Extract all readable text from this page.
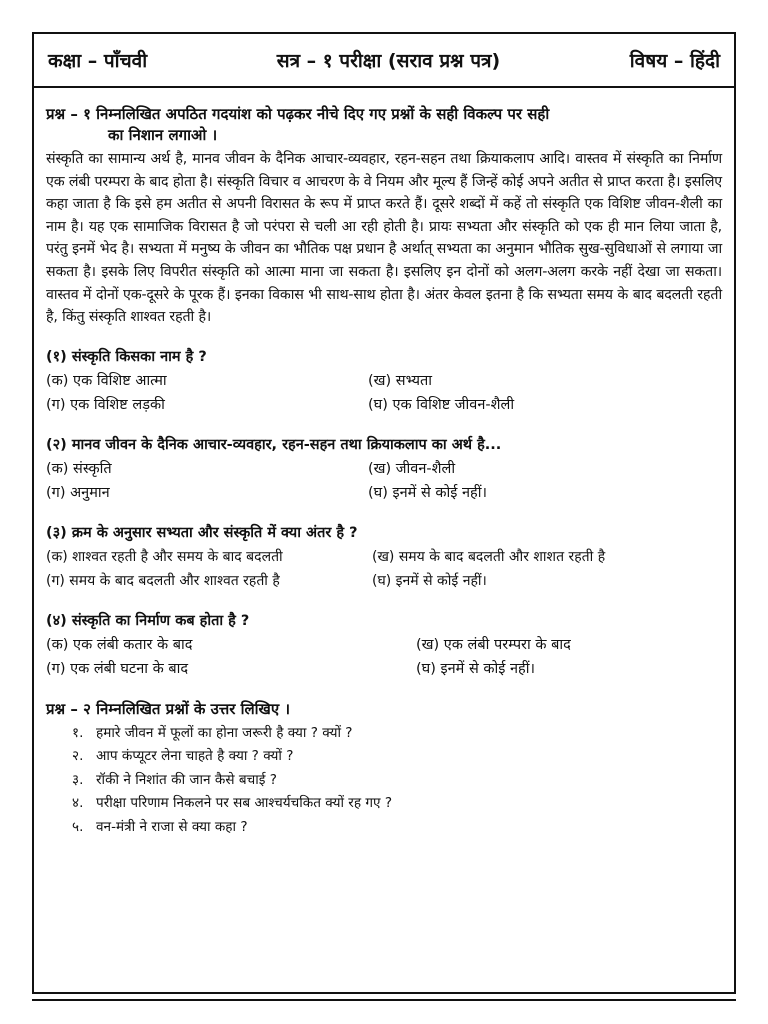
कक्षा – पाँचवी	सत्र – १ परीक्षा (सराव प्रश्न पत्र)	विषय – हिंदी
प्रश्न – १ निम्नलिखित अपठित गदयांश को पढ़कर नीचे दिए गए प्रश्नों के सही विकल्प पर सही
का निशान लगाओ ।
संस्कृति का सामान्य अर्थ है, मानव जीवन के दैनिक आचार-व्यवहार, रहन-सहन तथा क्रियाकलाप आदि। वास्तव में संस्कृति का निर्माण एक लंबी परम्परा के बाद होता है। संस्कृति विचार व आचरण के वे नियम और मूल्य हैं जिन्हें कोई अपने अतीत से प्राप्त करता है। इसलिए कहा जाता है कि इसे हम अतीत से अपनी विरासत के रूप में प्राप्त करते हैं। दूसरे शब्दों में कहें तो संस्कृति एक विशिष्ट जीवन-शैली का नाम है। यह एक सामाजिक विरासत है जो परंपरा से चली आ रही होती है। प्रायः सभ्यता और संस्कृति को एक ही मान लिया जाता है, परंतु इनमें भेद है। सभ्यता में मनुष्य के जीवन का भौतिक पक्ष प्रधान है अर्थात् सभ्यता का अनुमान भौतिक सुख-सुविधाओं से लगाया जा सकता है। इसके लिए विपरीत संस्कृति को आत्मा माना जा सकता है। इसलिए इन दोनों को अलग-अलग करके नहीं देखा जा सकता। वास्तव में दोनों एक-दूसरे के पूरक हैं। इनका विकास भी साथ-साथ होता है। अंतर केवल इतना है कि सभ्यता समय के बाद बदलती रहती है, किंतु संस्कृति शाश्वत रहती है।
(१) संस्कृति किसका नाम है ?
(क) एक विशिष्ट आत्मा	(ख) सभ्यता
(ग) एक विशिष्ट लड़की	(घ) एक विशिष्ट जीवन-शैली
(२) मानव जीवन के दैनिक आचार-व्यवहार, रहन-सहन तथा क्रियाकलाप का अर्थ है...
(क) संस्कृति	(ख) जीवन-शैली
(ग) अनुमान	(घ) इनमें से कोई नहीं।
(३) क्रम के अनुसार सभ्यता और संस्कृति में क्या अंतर है ?
(क) शाश्वत रहती है और समय के बाद बदलती	(ख) समय के बाद बदलती और शाशत रहती है
(ग) समय के बाद बदलती और शाश्वत रहती है	(घ) इनमें से कोई नहीं।
(४) संस्कृति का निर्माण कब होता है ?
(क) एक लंबी कतार के बाद	(ख) एक लंबी परम्परा के बाद
(ग) एक लंबी घटना के बाद	(घ) इनमें से कोई नहीं।
प्रश्न – २ निम्नलिखित प्रश्नों के उत्तर लिखिए ।
१. हमारे जीवन में फूलों का होना जरूरी है क्या ? क्यों ?
२. आप कंप्यूटर लेना चाहते है क्या ? क्यों ?
३. रॉकी ने निशांत की जान कैसे बचाई ?
४. परीक्षा परिणाम निकलने पर सब आश्चर्यचकित क्यों रह गए ?
५. वन-मंत्री ने राजा से क्या कहा ?
